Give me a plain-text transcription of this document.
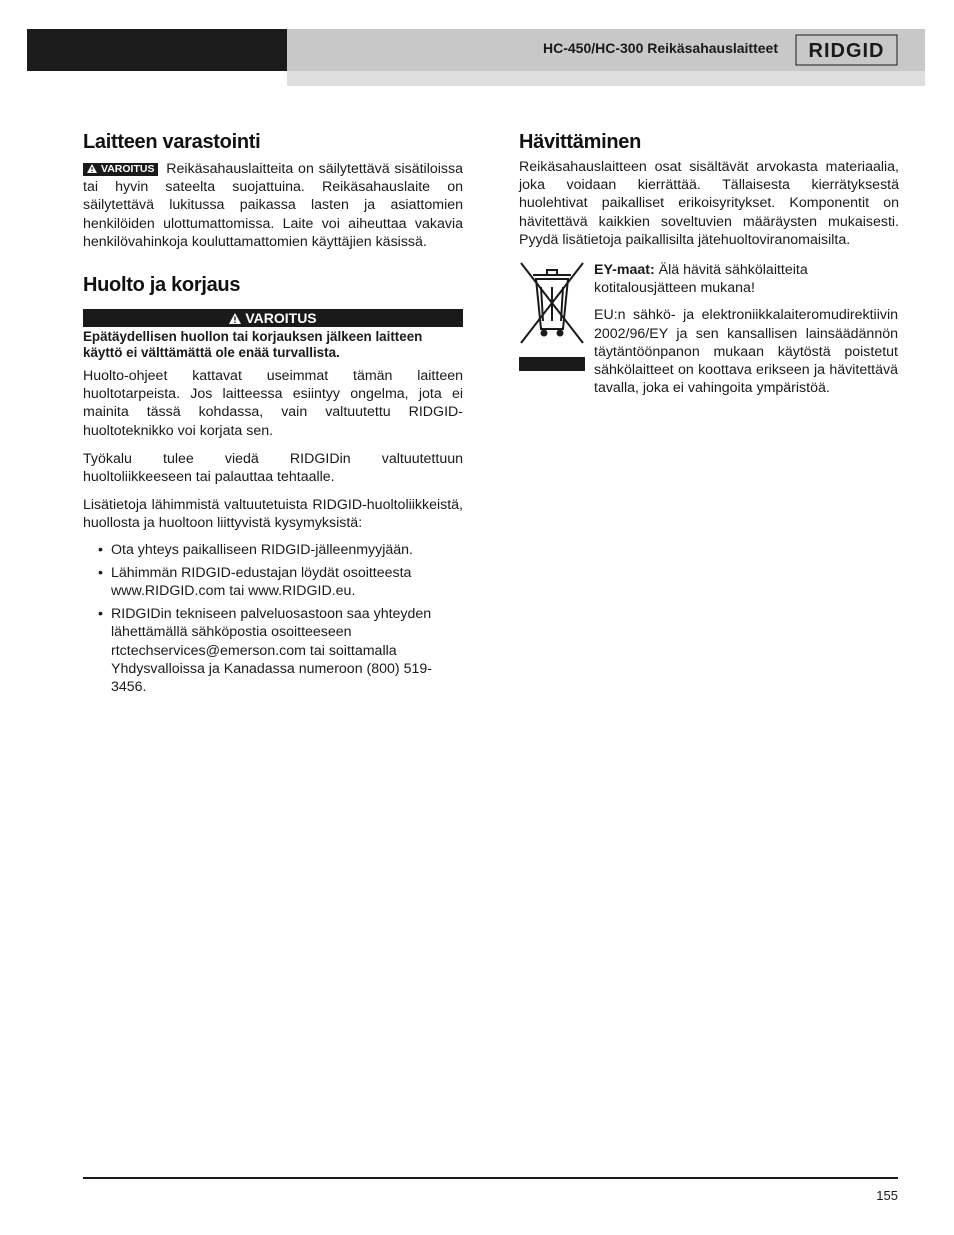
HC-450/HC-300 Reikäsahauslaitteet RIDGID
Laitteen varastointi

VAROITUS Reikäsahauslaitteita on säilytettävä sisätiloissa tai hyvin sateelta suojattuina. Reikäsahauslaite on säilytettävä lukitussa paikassa lasten ja asiattomien henkilöiden ulottumattomissa. Laite voi aiheuttaa vakavia henkilövahinkoja kouluttamattomien käyttäjien käsissä.

Huolto ja korjaus
VAROITUS

Epätäydellisen huollon tai korjauksen jälkeen laitteen käyttö ei välttämättä ole enää turvallista.

Huolto-ohjeet kattavat useimmat tämän laitteen huoltotarpeista. Jos laitteessa esiintyy ongelma, jota ei mainita tässä kohdassa, vain valtuutettu RIDGID-huoltoteknikko voi korjata sen.

Työkalu tulee viedä RIDGIDin valtuutettuun huoltoliikkeeseen tai palauttaa tehtaalle.

Lisätietoja lähimmistä valtuutetuista RIDGID-huoltoliikkeistä, huollosta ja huoltoon liittyvistä kysymyksistä:

• Ota yhteys paikalliseen RIDGID-jälleenmyyjään.
• Lähimmän RIDGID-edustajan löydät osoitteesta www.RIDGID.com tai www.RIDGID.eu.
• RIDGIDin tekniseen palveluosastoon saa yhteyden lähettämällä sähköpostia osoitteeseen rtctechservices@emerson.com tai soittamalla Yhdysvalloissa ja Kanadassa numeroon (800) 519-3456.
Hävittäminen

Reikäsahauslaitteen osat sisältävät arvokasta materiaalia, joka voidaan kierrättää. Tällaisesta kierrätyksestä huolehtivat paikalliset erikoisyritykset. Komponentit on hävitettävä kaikkien soveltuvien määräysten mukaisesti. Pyydä lisätietoja paikallisilta jätehuoltoviranomaisilta.

EY-maat: Älä hävitä sähkölaitteita kotitalousjätteen mukana!

EU:n sähkö- ja elektroniikkalaiteromudirektiivin 2002/96/EY ja sen kansallisen lainsäädännön täytäntöönpanon mukaan käytöstä poistetut sähkölaitteet on koottava erikseen ja hävitettävä tavalla, joka ei vahingoita ympäristöä.

155
